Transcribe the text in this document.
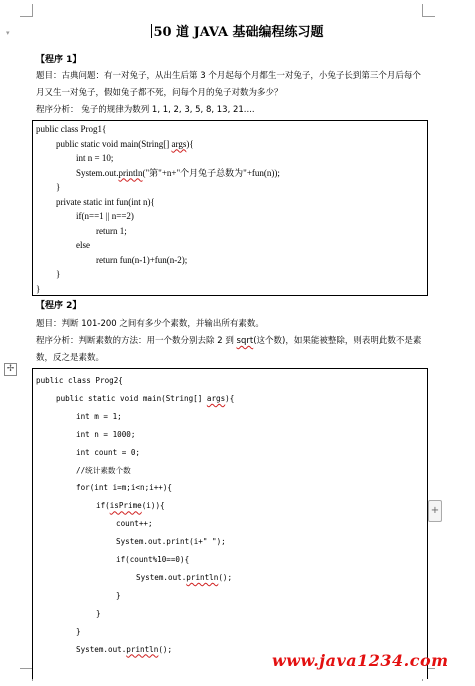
▾
✢
+
50 道 JAVA 基础编程练习题
【程序 1】
题目：古典问题：有一对兔子，从出生后第 3 个月起每个月都生一对兔子，小兔子长到第三个月后每个月又生一对兔子，假如兔子都不死，问每个月的兔子对数为多少？
程序分析： 兔子的规律为数列 1, 1, 2, 3, 5, 8, 13, 21....
public class Prog1{
public static void main(String[] args){
int n = 10;
System.out.println("第"+n+"个月兔子总数为"+fun(n));
}
private static int fun(int n){
if(n==1 || n==2)
return 1;
else
return fun(n-1)+fun(n-2);
}
}
【程序 2】
题目：判断 101-200 之间有多少个素数，并输出所有素数。
程序分析：判断素数的方法：用一个数分别去除 2 到 sqrt(这个数)，如果能被整除，则表明此数不是素数，反之是素数。
public class Prog2{
public static void main(String[] args){
int m = 1;
int n = 1000;
int count = 0;
//统计素数个数
for(int i=m;i<n;i++){
if(isPrime(i)){
count++;
System.out.print(i+" ");
if(count%10==0){
System.out.println();
}
}
}
System.out.println();
www.java1234.com
